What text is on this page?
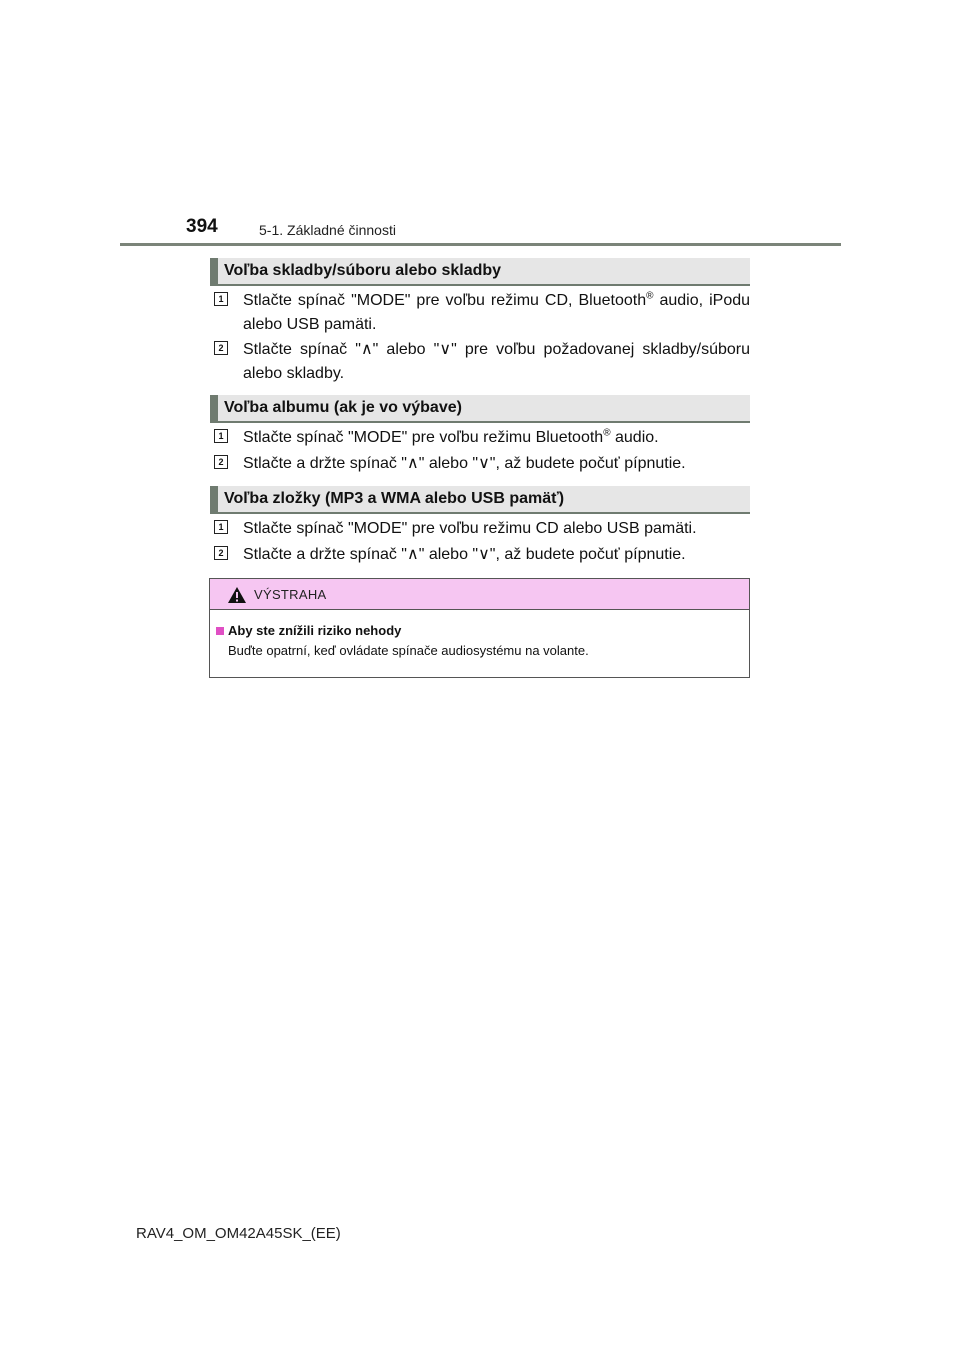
394	5-1. Základné činnosti
Voľba skladby/súboru alebo skladby
1 Stlačte spínač "MODE" pre voľbu režimu CD, Bluetooth® audio, iPodu alebo USB pamäti.
2 Stlačte spínač "∧" alebo "∨" pre voľbu požadovanej skladby/súboru alebo skladby.
Voľba albumu (ak je vo výbave)
1 Stlačte spínač "MODE" pre voľbu režimu Bluetooth® audio.
2 Stlačte a držte spínač "∧" alebo "∨", až budete počuť pípnutie.
Voľba zložky (MP3 a WMA alebo USB pamäť)
1 Stlačte spínač "MODE" pre voľbu režimu CD alebo USB pamäti.
2 Stlačte a držte spínač "∧" alebo "∨", až budete počuť pípnutie.
VÝSTRAHA
Aby ste znížili riziko nehody
Buďte opatrní, keď ovládate spínače audiosystému na volante.
RAV4_OM_OM42A45SK_(EE)
